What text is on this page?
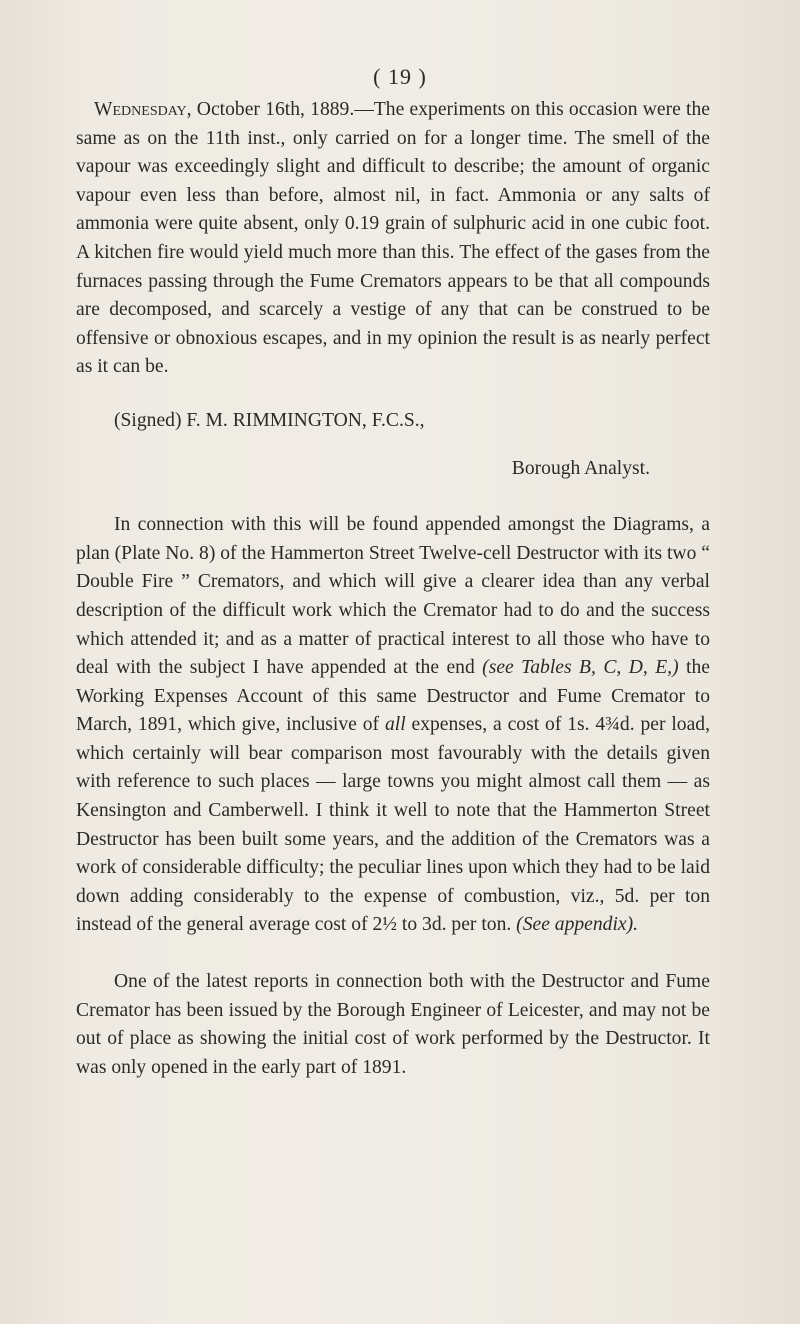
( 19 )

Wednesday, October 16th, 1889.—The experiments on this occasion were the same as on the 11th inst., only carried on for a longer time. The smell of the vapour was exceedingly slight and difficult to describe; the amount of organic vapour even less than before, almost nil, in fact. Ammonia or any salts of ammonia were quite absent, only 0.19 grain of sulphuric acid in one cubic foot. A kitchen fire would yield much more than this. The effect of the gases from the furnaces passing through the Fume Cremators appears to be that all compounds are decomposed, and scarcely a vestige of any that can be construed to be offensive or obnoxious escapes, and in my opinion the result is as nearly perfect as it can be.

(Signed) F. M. RIMMINGTON, F.C.S.,

Borough Analyst.

In connection with this will be found appended amongst the Diagrams, a plan (Plate No. 8) of the Hammerton Street Twelve-cell Destructor with its two “ Double Fire ” Cremators, and which will give a clearer idea than any verbal description of the difficult work which the Cremator had to do and the success which attended it; and as a matter of practical interest to all those who have to deal with the subject I have appended at the end (see Tables B, C, D, E,) the Working Expenses Account of this same Destructor and Fume Cremator to March, 1891, which give, inclusive of all expenses, a cost of 1s. 4¾d. per load, which certainly will bear comparison most favourably with the details given with reference to such places — large towns you might almost call them — as Kensington and Camberwell. I think it well to note that the Hammerton Street Destructor has been built some years, and the addition of the Cremators was a work of considerable difficulty; the peculiar lines upon which they had to be laid down adding considerably to the expense of combustion, viz., 5d. per ton instead of the general average cost of 2½ to 3d. per ton. (See appendix).

One of the latest reports in connection both with the Destructor and Fume Cremator has been issued by the Borough Engineer of Leicester, and may not be out of place as showing the initial cost of work performed by the Destructor. It was only opened in the early part of 1891.
